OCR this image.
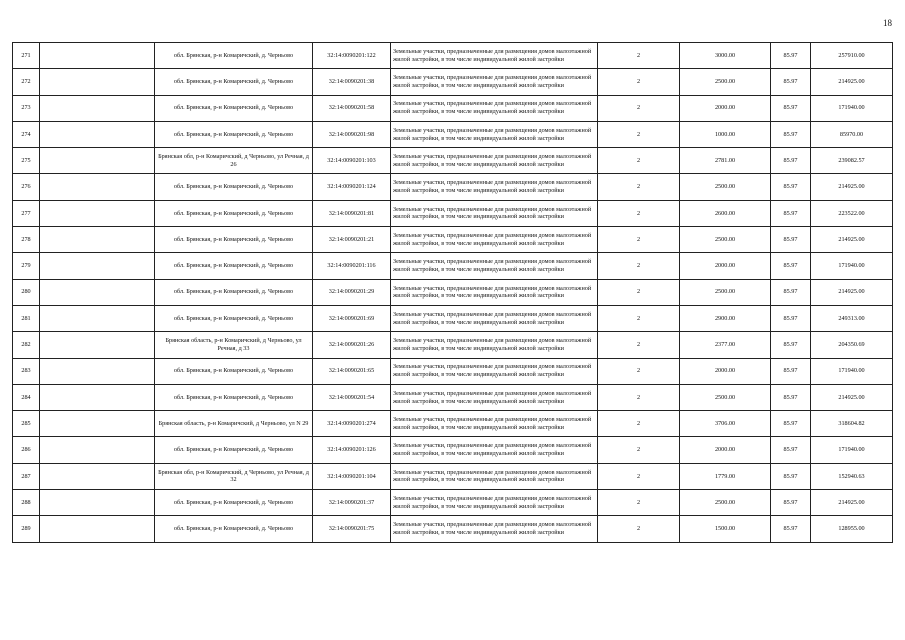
18
271		обл. Брянская, р-н Комаричский, д. Черньово	32:14:0090201:122	Земельные участки, предназначенные для размещения домов малоэтажной жилой застройки, в том числе индивидуальной жилой застройки	2	3000.00	85.97	257910.00
272		обл. Брянская, р-н Комаричский, д. Черньово	32:14:0090201:38	Земельные участки, предназначенные для размещения домов малоэтажной жилой застройки, в том числе индивидуальной жилой застройки	2	2500.00	85.97	214925.00
273		обл. Брянская, р-н Комаричский, д. Черньово	32:14:0090201:58	Земельные участки, предназначенные для размещения домов малоэтажной жилой застройки, в том числе индивидуальной жилой застройки	2	2000.00	85.97	171940.00
274		обл. Брянская, р-н Комаричский, д. Черньово	32:14:0090201:98	Земельные участки, предназначенные для размещения домов малоэтажной жилой застройки, в том числе индивидуальной жилой застройки	2	1000.00	85.97	85970.00
275		Брянская обл, р-н Комаричский, д Черньово, ул Речная, д 26	32:14:0090201:103	Земельные участки, предназначенные для размещения домов малоэтажной жилой застройки, в том числе индивидуальной жилой застройки	2	2781.00	85.97	239082.57
276		обл. Брянская, р-н Комаричский, д. Черньово	32:14:0090201:124	Земельные участки, предназначенные для размещения домов малоэтажной жилой застройки, в том числе индивидуальной жилой застройки	2	2500.00	85.97	214925.00
277		обл. Брянская, р-н Комаричский, д. Черньово	32:14:0090201:81	Земельные участки, предназначенные для размещения домов малоэтажной жилой застройки, в том числе индивидуальной жилой застройки	2	2600.00	85.97	223522.00
278		обл. Брянская, р-н Комаричский, д. Черньово	32:14:0090201:21	Земельные участки, предназначенные для размещения домов малоэтажной жилой застройки, в том числе индивидуальной жилой застройки	2	2500.00	85.97	214925.00
279		обл. Брянская, р-н Комаричский, д. Черньово	32:14:0090201:116	Земельные участки, предназначенные для размещения домов малоэтажной жилой застройки, в том числе индивидуальной жилой застройки	2	2000.00	85.97	171940.00
280		обл. Брянская, р-н Комаричский, д. Черньово	32:14:0090201:29	Земельные участки, предназначенные для размещения домов малоэтажной жилой застройки, в том числе индивидуальной жилой застройки	2	2500.00	85.97	214925.00
281		обл. Брянская, р-н Комаричский, д. Черньово	32:14:0090201:69	Земельные участки, предназначенные для размещения домов малоэтажной жилой застройки, в том числе индивидуальной жилой застройки	2	2900.00	85.97	249313.00
282		Брянская область, р-н Комаричский, д Черньово, ул Речная, д 33	32:14:0090201:26	Земельные участки, предназначенные для размещения домов малоэтажной жилой застройки, в том числе индивидуальной жилой застройки	2	2377.00	85.97	204350.69
283		обл. Брянская, р-н Комаричский, д. Черньово	32:14:0090201:65	Земельные участки, предназначенные для размещения домов малоэтажной жилой застройки, в том числе индивидуальной жилой застройки	2	2000.00	85.97	171940.00
284		обл. Брянская, р-н Комаричский, д. Черньово	32:14:0090201:54	Земельные участки, предназначенные для размещения домов малоэтажной жилой застройки, в том числе индивидуальной жилой застройки	2	2500.00	85.97	214925.00
285		Брянская область, р-н Комаричский, д Черньово, ул N 29	32:14:0090201:274	Земельные участки, предназначенные для размещения домов малоэтажной жилой застройки, в том числе индивидуальной жилой застройки	2	3706.00	85.97	318604.82
286		обл. Брянская, р-н Комаричский, д. Черньово	32:14:0090201:126	Земельные участки, предназначенные для размещения домов малоэтажной жилой застройки, в том числе индивидуальной жилой застройки	2	2000.00	85.97	171940.00
287		Брянская обл, р-н Комаричский, д Черньово, ул Речная, д 32	32:14:0090201:104	Земельные участки, предназначенные для размещения домов малоэтажной жилой застройки, в том числе индивидуальной жилой застройки	2	1779.00	85.97	152940.63
288		обл. Брянская, р-н Комаричский, д. Черньово	32:14:0090201:37	Земельные участки, предназначенные для размещения домов малоэтажной жилой застройки, в том числе индивидуальной жилой застройки	2	2500.00	85.97	214925.00
289		обл. Брянская, р-н Комаричский, д. Черньово	32:14:0090201:75	Земельные участки, предназначенные для размещения домов малоэтажной жилой застройки, в том числе индивидуальной жилой застройки	2	1500.00	85.97	128955.00
